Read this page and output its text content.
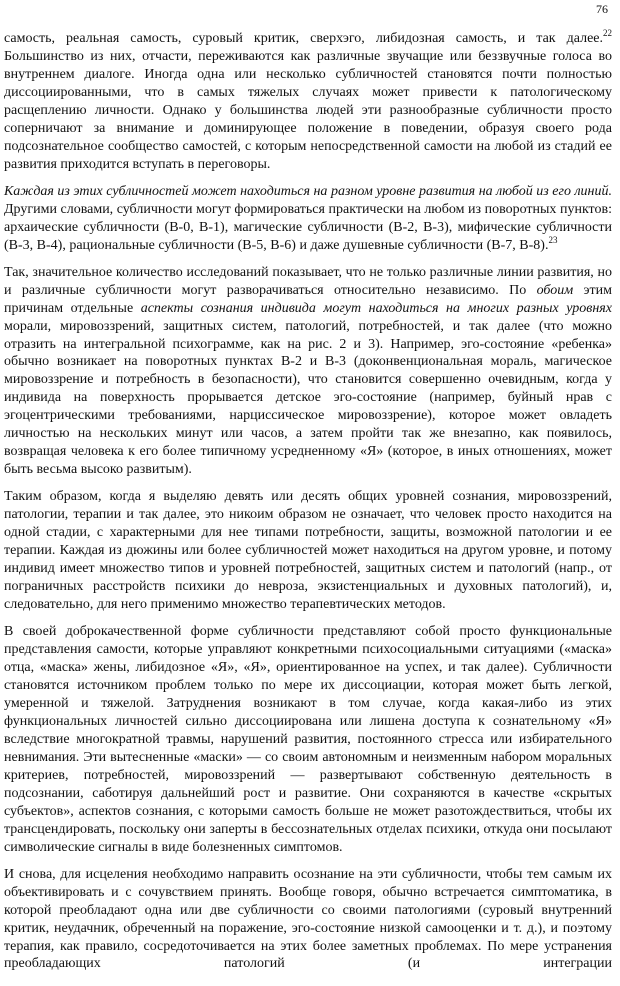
76

самость, реальная самость, суровый критик, сверхэго, либидозная самость, и так далее.$^{22}$ Большинство из них, отчасти, переживаются как различные звучащие или беззвучные голоса во внутреннем диалоге. Иногда одна или несколько субличностей становятся почти полностью диссоциированными, что в самых тяжелых случаях может привести к патологическому расщеплению личности. Однако у большинства людей эти разнообразные субличности просто соперничают за внимание и доминирующее положение в поведении, образуя своего рода подсознательное сообщество самостей, с которым непосредственной самости на любой из стадий ее развития приходится вступать в переговоры.

Каждая из этих субличностей может находиться на разном уровне развития на любой из его линий. Другими словами, субличности могут формироваться практически на любом из поворотных пунктов: архаические субличности (В-0, В-1), магические субличности (В-2, В-3), мифические субличности (В-3, В-4), рациональные субличности (В-5, В-6) и даже душевные субличности (В-7, В-8).$^{23}$

Так, значительное количество исследований показывает, что не только различные линии развития, но и различные субличности могут разворачиваться относительно независимо. По обоим этим причинам отдельные аспекты сознания индивида могут находиться на многих разных уровнях морали, мировоззрений, защитных систем, патологий, потребностей, и так далее (что можно отразить на интегральной психограмме, как на рис. 2 и 3). Например, эго-состояние «ребенка» обычно возникает на поворотных пунктах В-2 и В-3 (доконвенциональная мораль, магическое мировоззрение и потребность в безопасности), что становится совершенно очевидным, когда у индивида на поверхность прорывается детское эго-состояние (например, буйный нрав с эгоцентрическими требованиями, нарциссическое мировоззрение), которое может овладеть личностью на нескольких минут или часов, а затем пройти так же внезапно, как появилось, возвращая человека к его более типичному усредненному «Я» (которое, в иных отношениях, может быть весьма высоко развитым).

Таким образом, когда я выделяю девять или десять общих уровней сознания, мировоззрений, патологии, терапии и так далее, это никоим образом не означает, что человек просто находится на одной стадии, с характерными для нее типами потребности, защиты, возможной патологии и ее терапии. Каждая из дюжины или более субличностей может находиться на другом уровне, и потому индивид имеет множество типов и уровней потребностей, защитных систем и патологий (напр., от пограничных расстройств психики до невроза, экзистенциальных и духовных патологий), и, следовательно, для него применимо множество терапевтических методов.

В своей доброкачественной форме субличности представляют собой просто функциональные представления самости, которые управляют конкретными психосоциальными ситуациями («маска» отца, «маска» жены, либидозное «Я», «Я», ориентированное на успех, и так далее). Субличности становятся источником проблем только по мере их диссоциации, которая может быть легкой, умеренной и тяжелой. Затруднения возникают в том случае, когда какая-либо из этих функциональных личностей сильно диссоциирована или лишена доступа к сознательному «Я» вследствие многократной травмы, нарушений развития, постоянного стресса или избирательного невнимания. Эти вытесненные «маски» — со своим автономным и неизменным набором моральных критериев, потребностей, мировоззрений — развертывают собственную деятельность в подсознании, саботируя дальнейший рост и развитие. Они сохраняются в качестве «скрытых субъектов», аспектов сознания, с которыми самость больше не может разотождествиться, чтобы их трансцендировать, поскольку они заперты в бессознательных отделах психики, откуда они посылают символические сигналы в виде болезненных симптомов.

И снова, для исцеления необходимо направить осознание на эти субличности, чтобы тем самым их объективировать и с сочувствием принять. Вообще говоря, обычно встречается симптоматика, в которой преобладают одна или две субличности со своими патологиями (суровый внутренний критик, неудачник, обреченный на поражение, эго-состояние низкой самооценки и т. д.), и поэтому терапия, как правило, сосредоточивается на этих более заметных проблемах. По мере устранения преобладающих патологий (и интеграции
